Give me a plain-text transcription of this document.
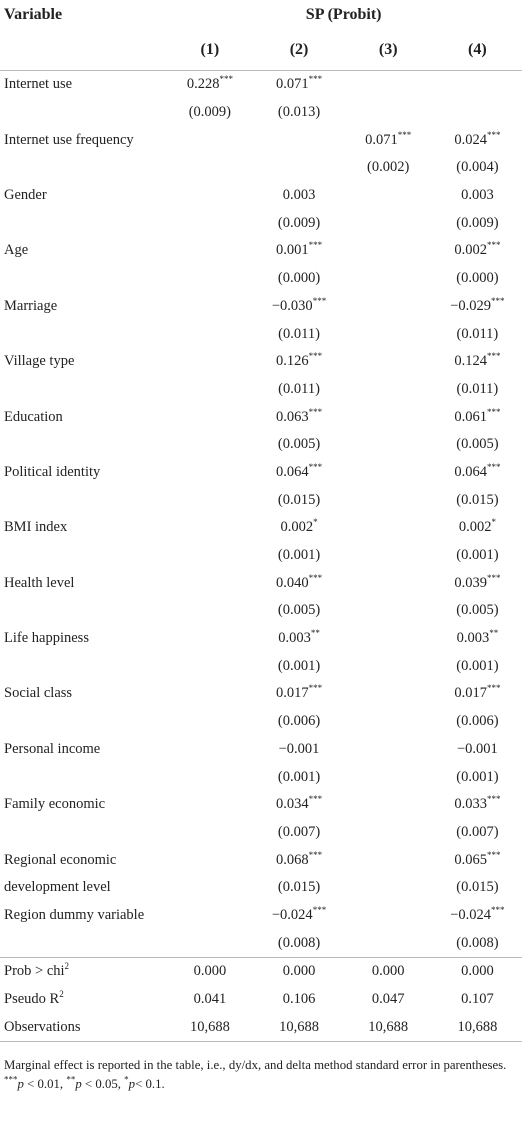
Variable	SP (Probit)			
	(1)	(2)	(3)	(4)
Internet use	0.228***	0.071***		
	(0.009)	(0.013)		
Internet use frequency			0.071***	0.024***
			(0.002)	(0.004)
Gender		0.003		0.003
		(0.009)		(0.009)
Age		0.001***		0.002***
		(0.000)		(0.000)
Marriage		−0.030***		−0.029***
		(0.011)		(0.011)
Village type		0.126***		0.124***
		(0.011)		(0.011)
Education		0.063***		0.061***
		(0.005)		(0.005)
Political identity		0.064***		0.064***
		(0.015)		(0.015)
BMI index		0.002*		0.002*
		(0.001)		(0.001)
Health level		0.040***		0.039***
		(0.005)		(0.005)
Life happiness		0.003**		0.003**
		(0.001)		(0.001)
Social class		0.017***		0.017***
		(0.006)		(0.006)
Personal income		−0.001		−0.001
		(0.001)		(0.001)
Family economic		0.034***		0.033***
		(0.007)		(0.007)
Regional economic		0.068***		0.065***
development level		(0.015)		(0.015)
Region dummy variable		−0.024***		−0.024***
		(0.008)		(0.008)
Prob > chi$^2$	0.000	0.000	0.000	0.000
Pseudo $R^2$	0.041	0.106	0.047	0.107
Observations	10,688	10,688	10,688	10,688
Marginal effect is reported in the table, i.e., dy/dx, and delta method standard error in parentheses.
***p < 0.01, **p < 0.05, *p< 0.1.
